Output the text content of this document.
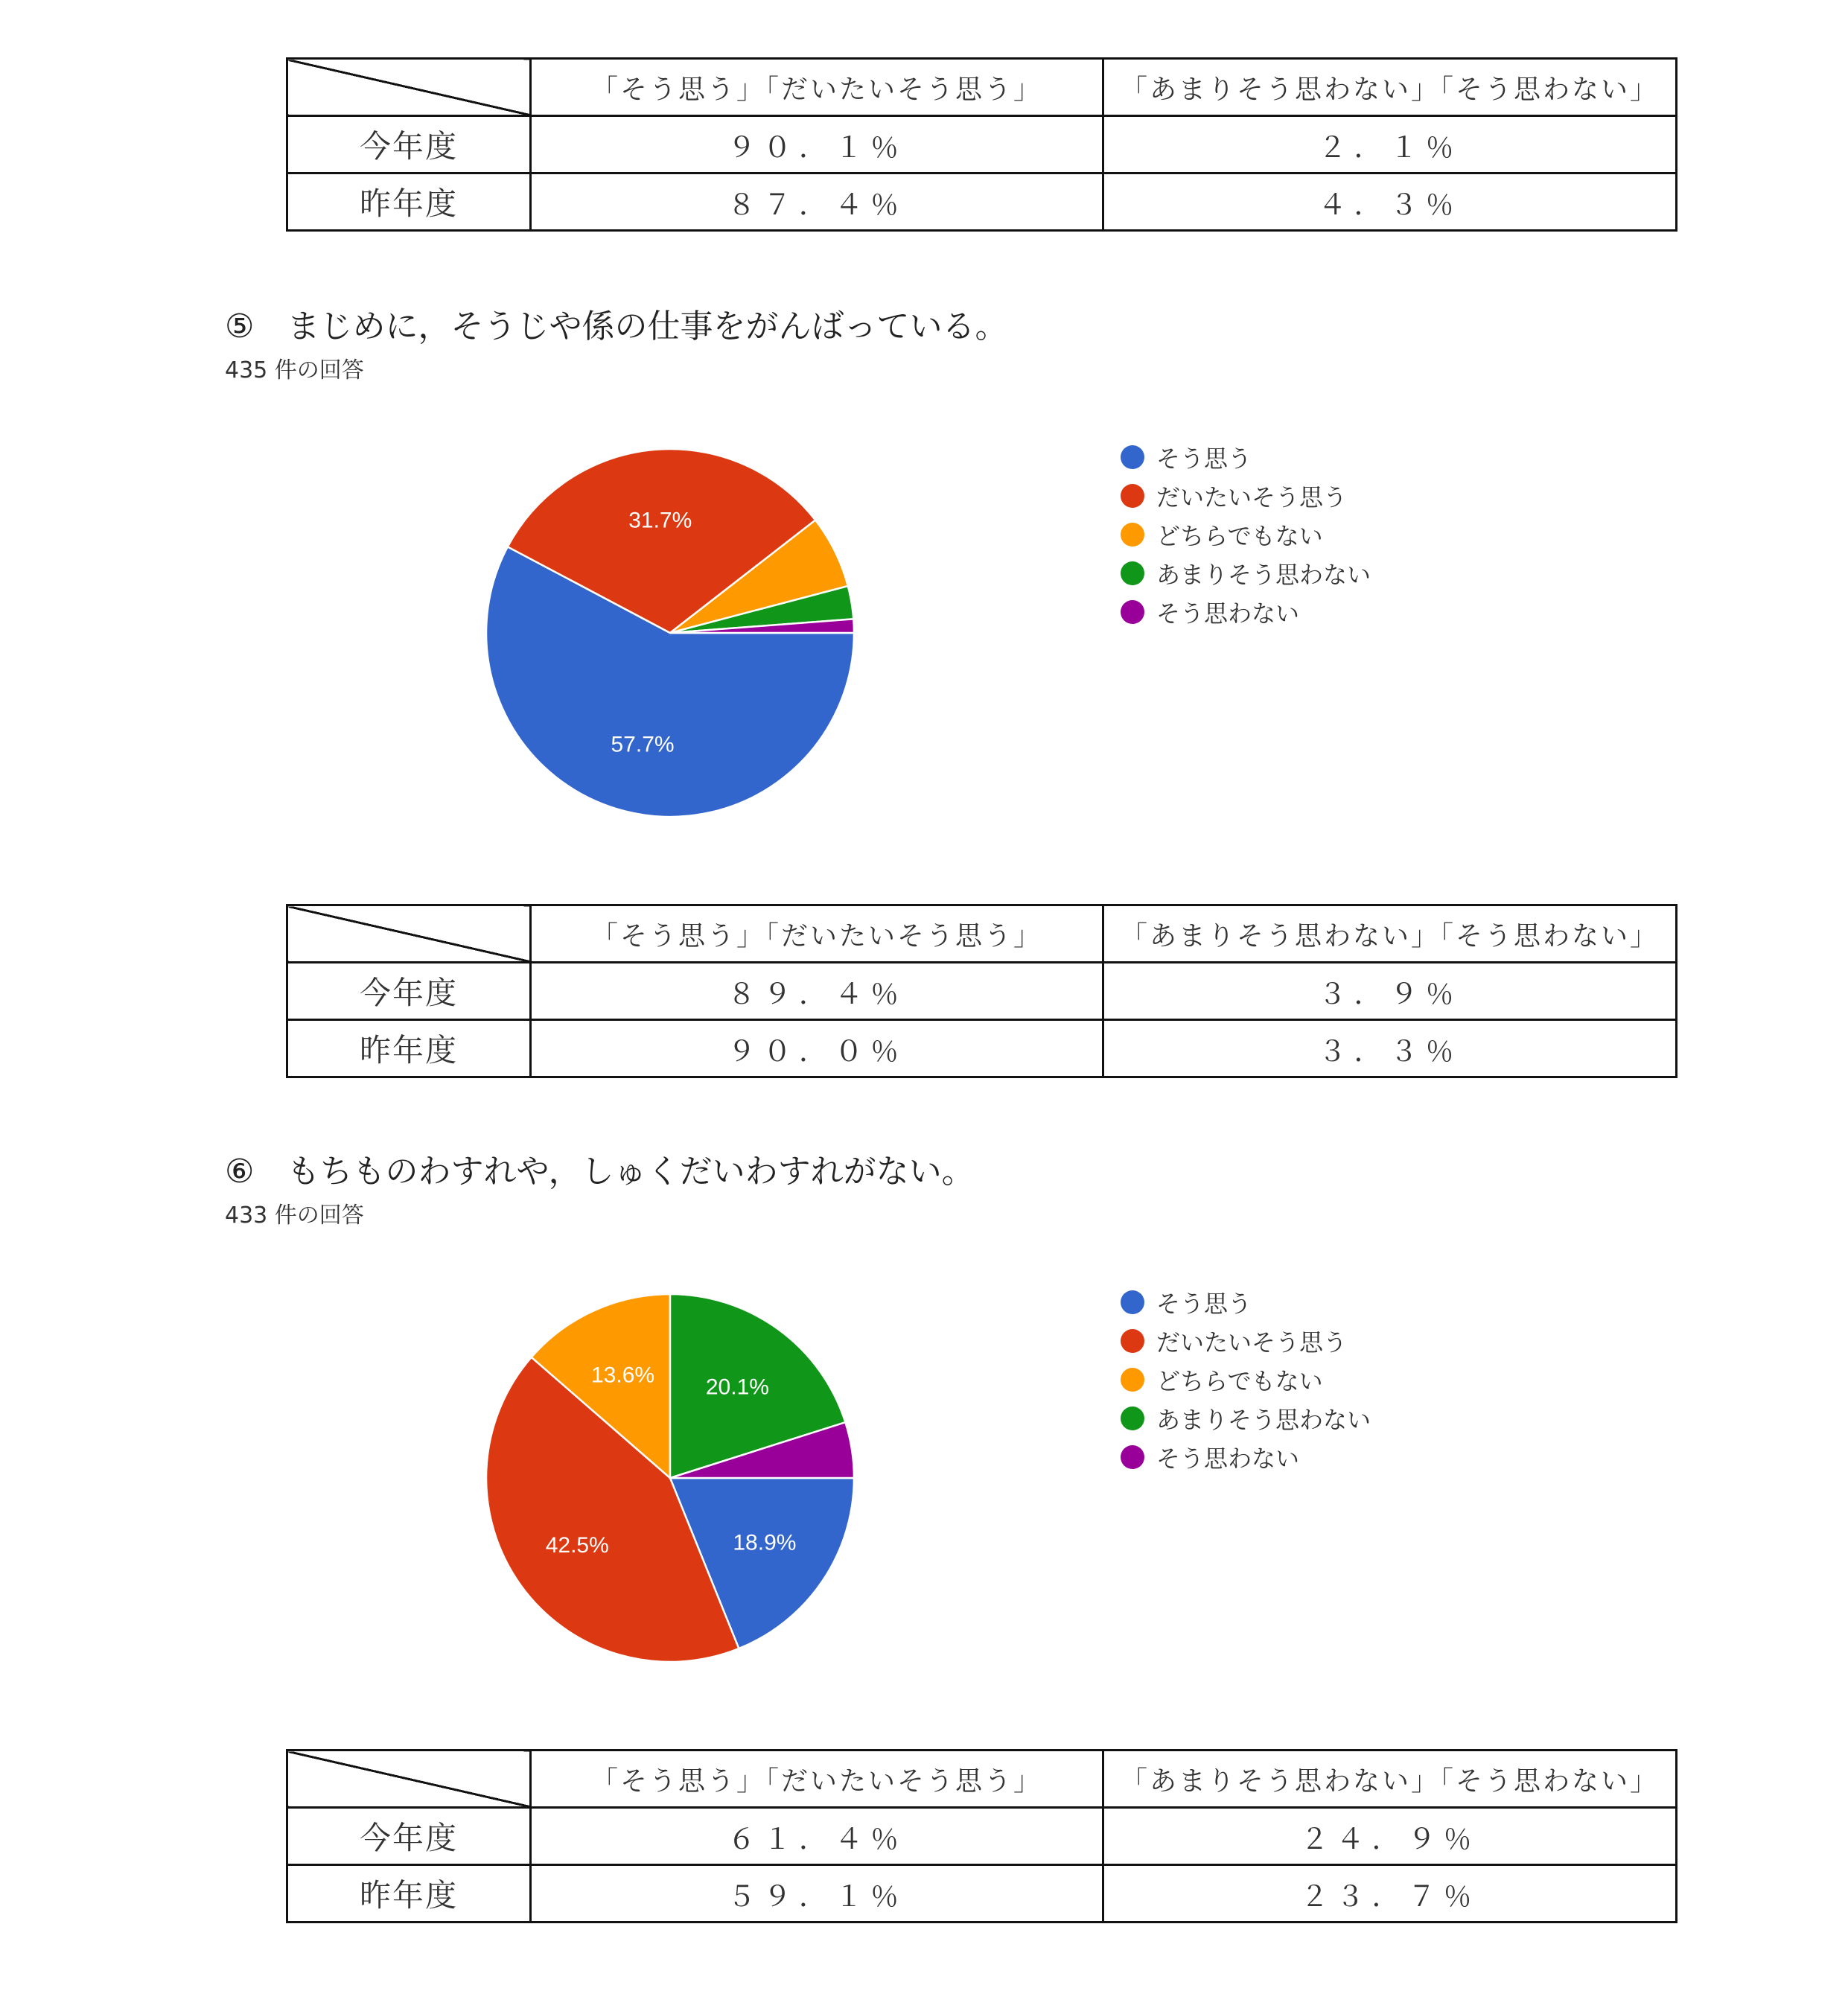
	「そう思う」「だいたいそう思う」	「あまりそう思わない」「そう思わない」
今年度	９０．１％	２．１％
昨年度	８７．４％	４．３％
⑤　まじめに，そうじや係の仕事をがんばっている。
435 件の回答
57.7%
31.7%
そう思う
だいたいそう思う
どちらでもない
あまりそう思わない
そう思わない
	「そう思う」「だいたいそう思う」	「あまりそう思わない」「そう思わない」
今年度	８９．４％	３．９％
昨年度	９０．０％	３．３％
⑥　もちものわすれや，しゅくだいわすれがない。
433 件の回答
18.9%
42.5%
13.6% 20.1%
そう思う
だいたいそう思う
どちらでもない
あまりそう思わない
そう思わない
	「そう思う」「だいたいそう思う」	「あまりそう思わない」「そう思わない」
今年度	６１．４％	２４．９％
昨年度	５９．１％	２３．７％
